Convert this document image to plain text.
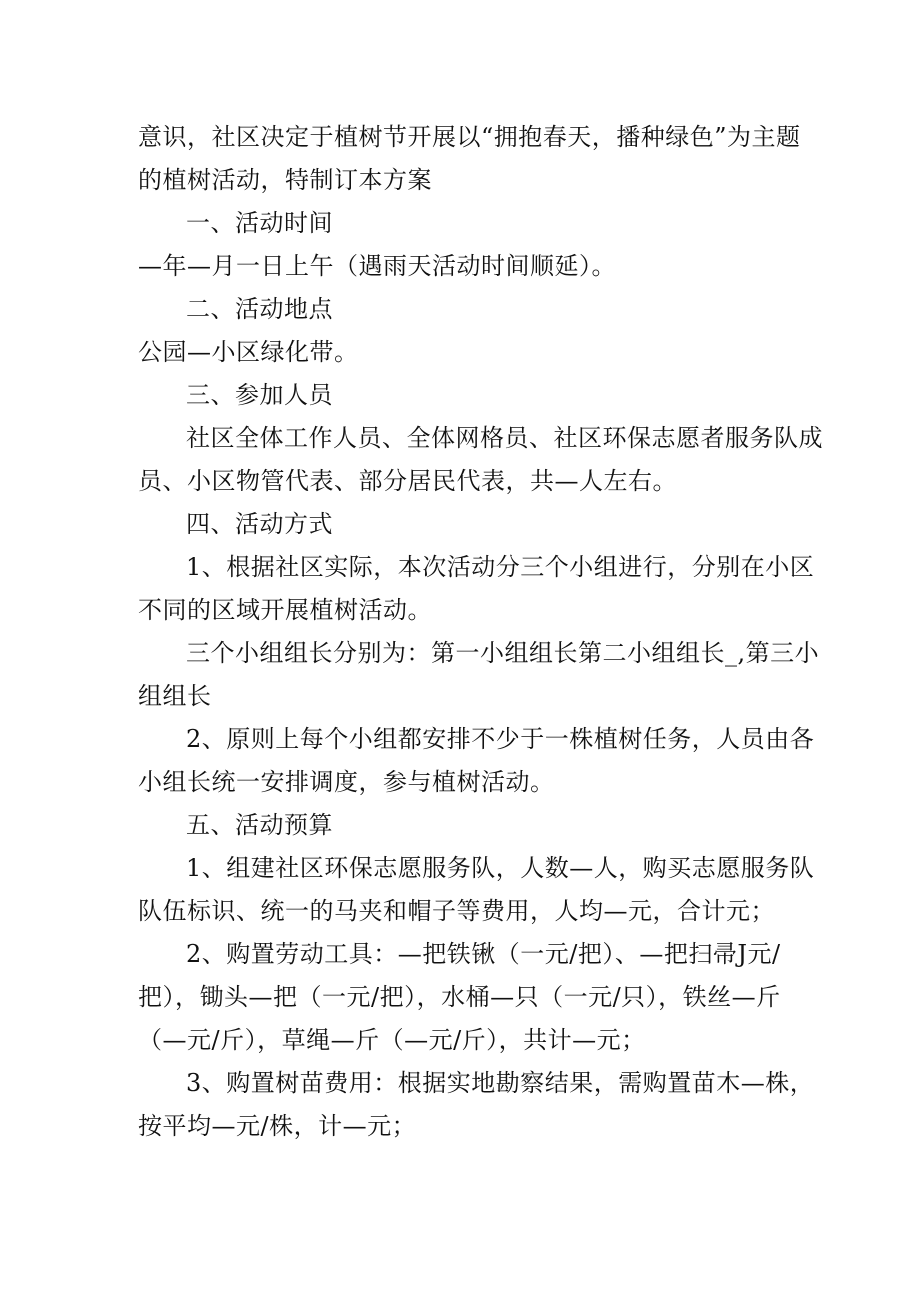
意识，社区决定于植树节开展以“拥抱春天，播种绿色”为主题
的植树活动，特制订本方案
一、活动时间
—年—月一日上午（遇雨天活动时间顺延）。
二、活动地点
公园—小区绿化带。
三、参加人员
社区全体工作人员、全体网格员、社区环保志愿者服务队成
员、小区物管代表、部分居民代表，共—人左右。
四、活动方式
1、根据社区实际，本次活动分三个小组进行，分别在小区
不同的区域开展植树活动。
三个小组组长分别为：第一小组组长第二小组组长_,第三小
组组长
2、原则上每个小组都安排不少于一株植树任务，人员由各
小组长统一安排调度，参与植树活动。
五、活动预算
1、组建社区环保志愿服务队，人数—人，购买志愿服务队
队伍标识、统一的马夹和帽子等费用，人均—元，合计元；
2、购置劳动工具：—把铁锹（一元/把）、—把扫帚J元/
把），锄头—把（一元/把），水桶—只（一元/只），铁丝—斤
（—元/斤），草绳—斤（—元/斤），共计—元；
3、购置树苗费用：根据实地勘察结果，需购置苗木—株，
按平均—元/株，计—元；
